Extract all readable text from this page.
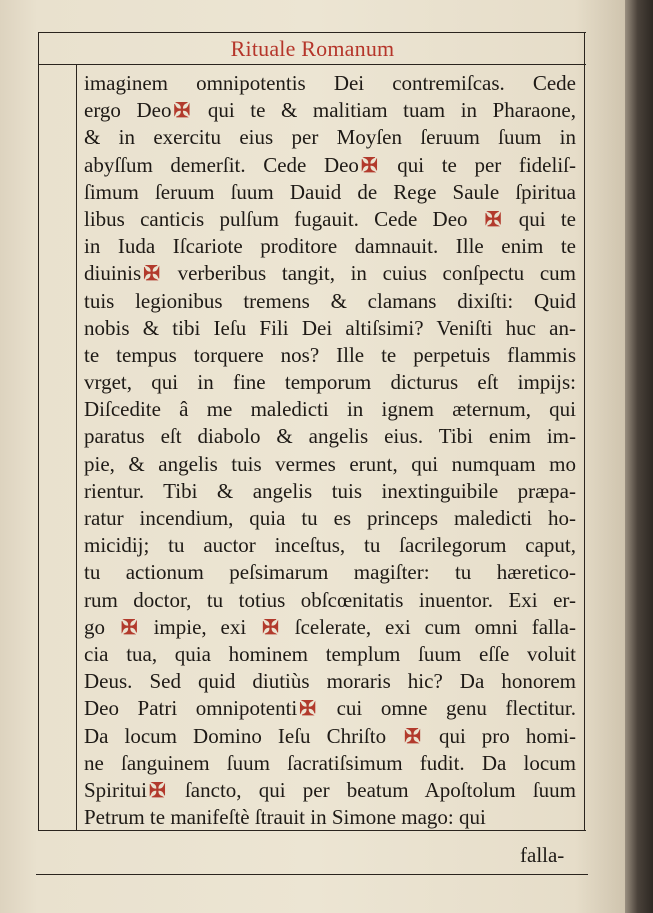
Rituale Romanum
imaginem omnipotentis Dei contremiſcas. Cede
ergo Deo ✠ qui te & malitiam tuam in Pharaone,
& in exercitu eius per Moyſen ſeruum ſuum in
abyſſum demerſit. Cede Deo ✠ qui te per fideliſ-
ſimum ſeruum ſuum Dauid de Rege Saule ſpiritua
libus canticis pulſum fugauit. Cede Deo ✠ qui te
in Iuda Iſcariote proditore damnauit. Ille enim te
diuinis ✠ verberibus tangit, in cuius conſpectu cum
tuis legionibus tremens & clamans dixiſti: Quid
nobis & tibi Ieſu Fili Dei altiſsimi? Veniſti huc an-
te tempus torquere nos? Ille te perpetuis flammis
vrget, qui in fine temporum dicturus eſt impijs:
Diſcedite â me maledicti in ignem æternum, qui
paratus eſt diabolo & angelis eius. Tibi enim im-
pie, & angelis tuis vermes erunt, qui numquam mo
rientur. Tibi & angelis tuis inextinguibile præpa-
ratur incendium, quia tu es princeps maledicti ho-
micidij; tu auctor inceſtus, tu ſacrilegorum caput,
tu actionum peſsimarum magiſter: tu hæretico-
rum doctor, tu totius obſcœnitatis inuentor. Exi er-
go ✠ impie, exi ✠ ſcelerate, exi cum omni falla-
cia tua, quia hominem templum ſuum eſſe voluit
Deus. Sed quid diutiùs moraris hic? Da honorem
Deo Patri omnipotenti ✠ cui omne genu flectitur.
Da locum Domino Ieſu Chriſto ✠ qui pro homi-
ne ſanguinem ſuum ſacratiſsimum fudit. Da locum
Spiritui ✠ ſancto, qui per beatum Apoſtolum ſuum
Petrum te manifeſtè ſtrauit in Simone mago: qui
falla-
